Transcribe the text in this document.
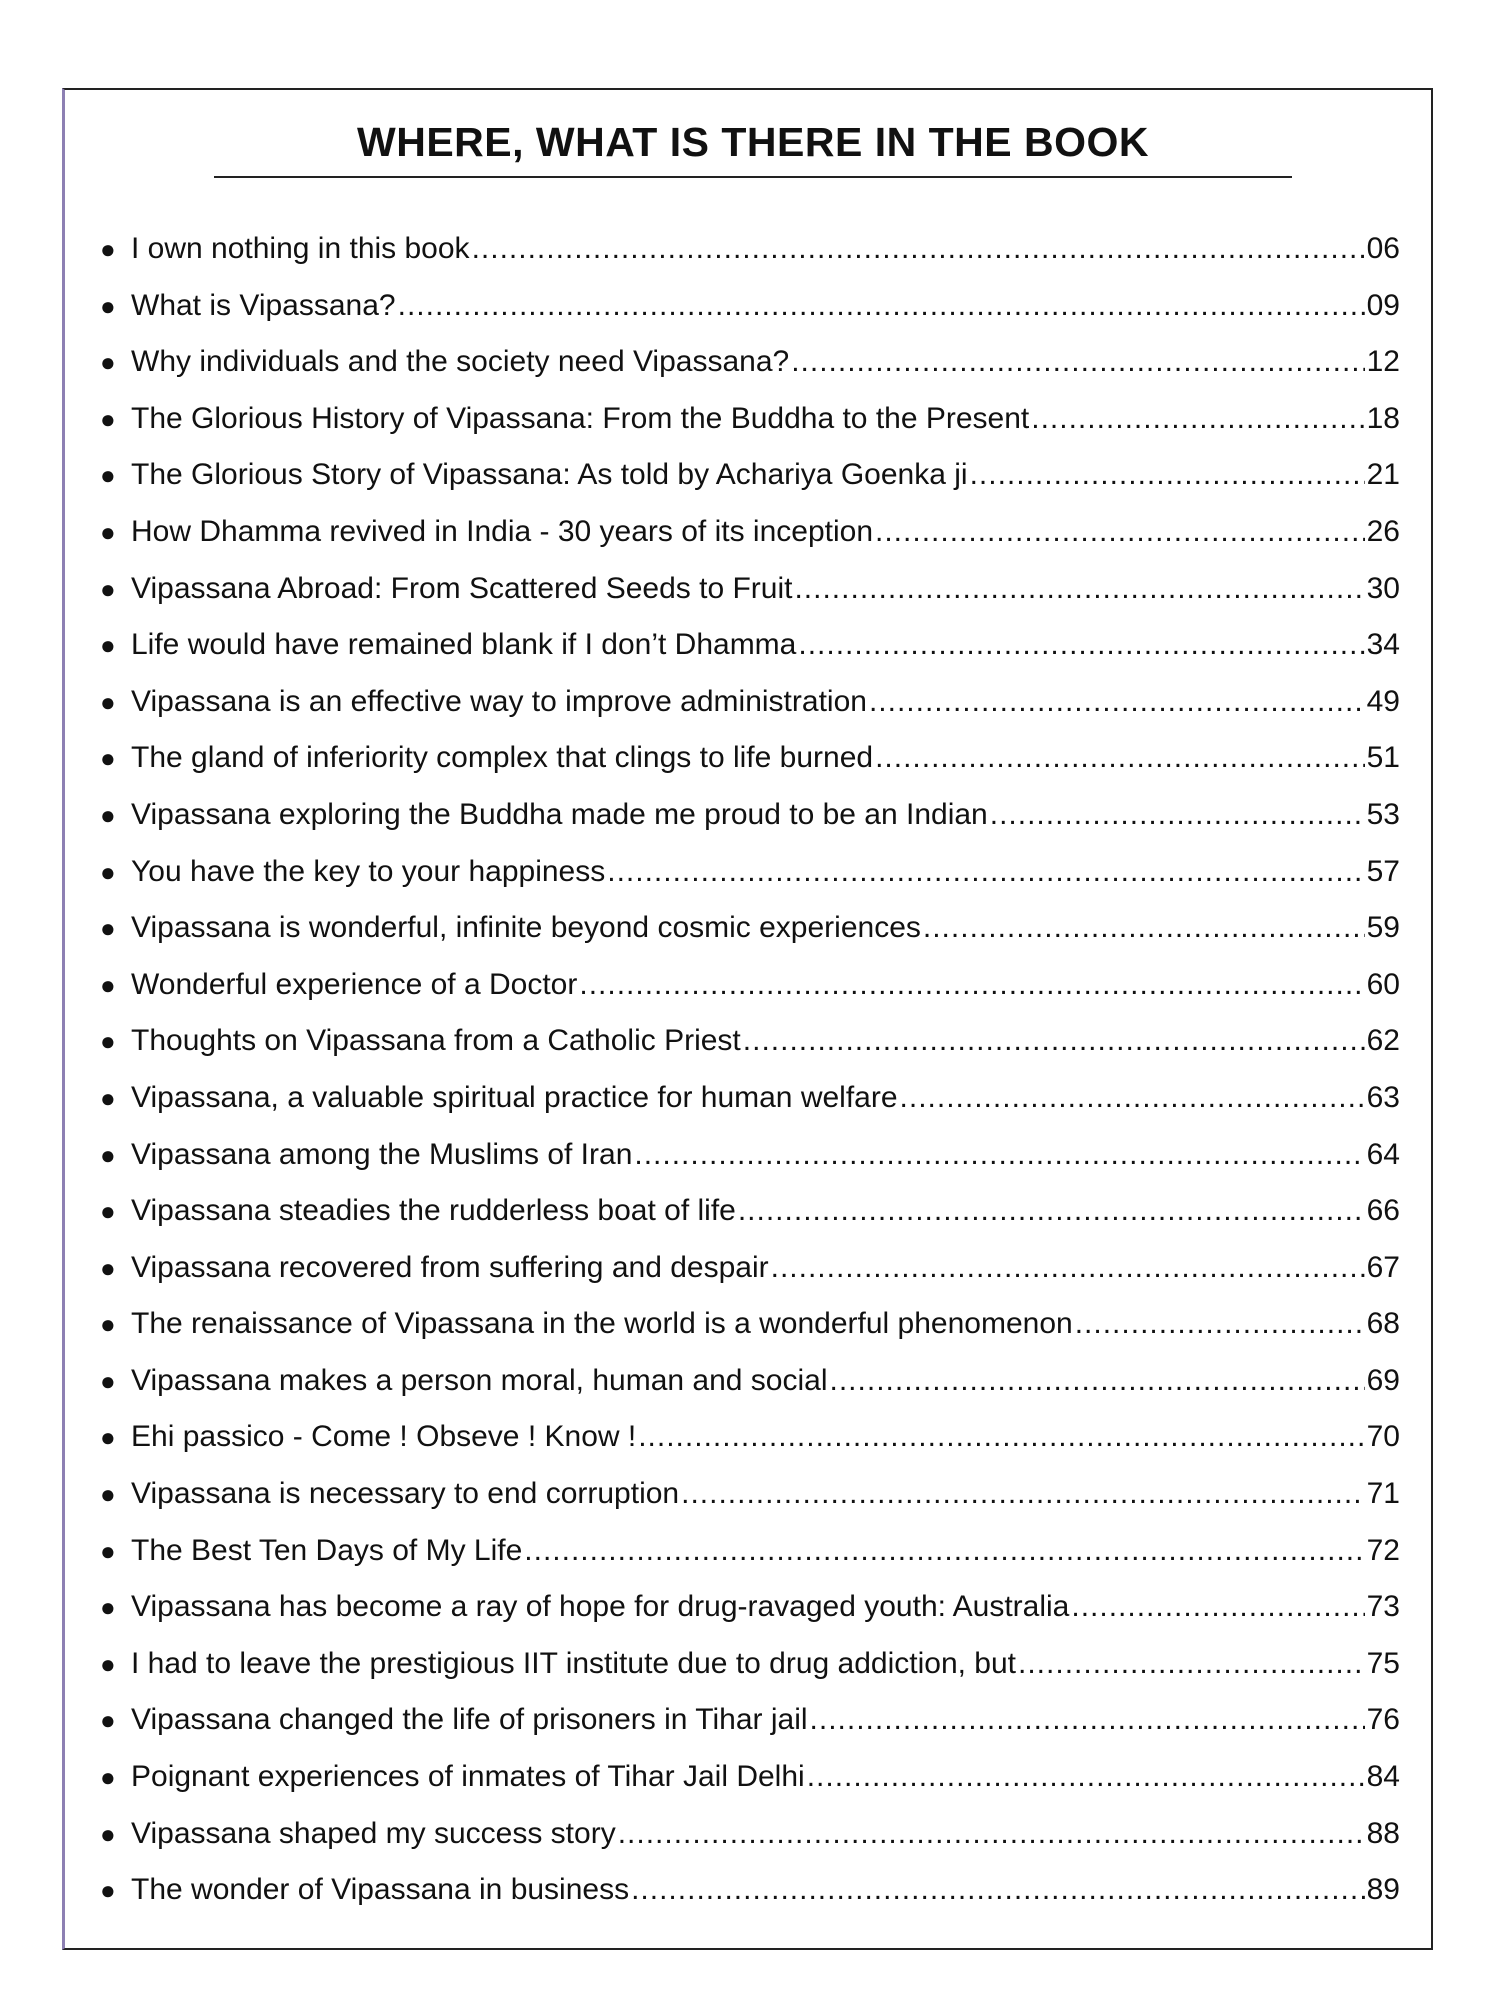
WHERE, WHAT IS THERE IN THE BOOK
● I own nothing in this book .....	06
● What is Vipassana? .....	09
● Why individuals and the society need Vipassana? .....	12
● The Glorious History of Vipassana: From the Buddha to the Present .....	18
● The Glorious Story of Vipassana: As told by Achariya Goenka ji .....	21
● How Dhamma revived in India - 30 years of its inception .....	26
● Vipassana Abroad: From Scattered Seeds to Fruit .....	30
● Life would have remained blank if I don’t Dhamma .....	34
● Vipassana is an effective way to improve administration .....	49
● The gland of inferiority complex that clings to life burned .....	51
● Vipassana exploring the Buddha made me proud to be an Indian .....	53
● You have the key to your happiness .....	57
● Vipassana is wonderful, infinite beyond cosmic experiences .....	59
● Wonderful experience of a Doctor .....	60
● Thoughts on Vipassana from a Catholic Priest .....	62
● Vipassana, a valuable spiritual practice for human welfare .....	63
● Vipassana among the Muslims of Iran .....	64
● Vipassana steadies the rudderless boat of life .....	66
● Vipassana recovered from suffering and despair .....	67
● The renaissance of Vipassana in the world is a wonderful phenomenon .....	68
● Vipassana makes a person moral, human and social .....	69
● Ehi passico - Come ! Obseve ! Know ! .....	70
● Vipassana is necessary to end corruption .....	71
● The Best Ten Days of My Life .....	72
● Vipassana has become a ray of hope for drug-ravaged youth: Australia .....	73
● I had to leave the prestigious IIT institute due to drug addiction, but .....	75
● Vipassana changed the life of prisoners in Tihar jail .....	76
● Poignant experiences of inmates of Tihar Jail Delhi .....	84
● Vipassana shaped my success story .....	88
● The wonder of Vipassana in business .....	89
